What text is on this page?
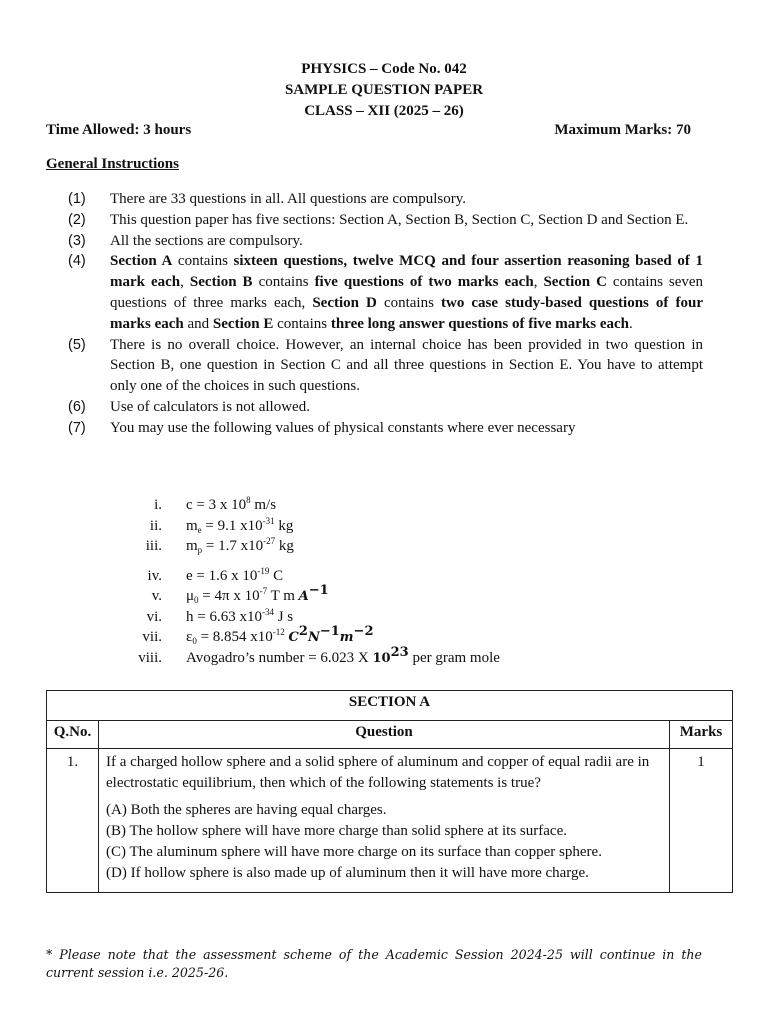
PHYSICS – Code No. 042
SAMPLE QUESTION PAPER
CLASS – XII (2025 – 26)
Time Allowed: 3 hours	Maximum Marks: 70
General Instructions
(1) There are 33 questions in all. All questions are compulsory.
(2) This question paper has five sections: Section A, Section B, Section C, Section D and Section E.
(3) All the sections are compulsory.
(4) Section A contains sixteen questions, twelve MCQ and four assertion reasoning based of 1 mark each, Section B contains five questions of two marks each, Section C contains seven questions of three marks each, Section D contains two case study-based questions of four marks each and Section E contains three long answer questions of five marks each.
(5) There is no overall choice. However, an internal choice has been provided in two question in Section B, one question in Section C and all three questions in Section E. You have to attempt only one of the choices in such questions.
(6) Use of calculators is not allowed.
(7) You may use the following values of physical constants where ever necessary
i. c = 3 x $10^8$ m/s
ii. $m_e = 9.1$ $x10^{-31}$ kg
iii. $m_p = 1.7$ $x10^{-27}$ kg
iv. e = 1.6 x $10^{-19}$ C
v. $\mu_0 = 4\pi$ x $10^{-7}$ T m $A^{-1}$
vi. h = 6.63 $x10^{-34}$ J s
vii. $\varepsilon_0 = 8.854$ $x10^{-12}$ $C^2N^{-1}m^{-2}$
viii. Avogadro’s number = 6.023 X $10^{23}$ per gram mole
SECTION A		
Q.No.	Question	Marks
1.	If a charged hollow sphere and a solid sphere of aluminum and copper of equal radii are in electrostatic equilibrium, then which of the following statements is true?
(A) Both the spheres are having equal charges.
(B) The hollow sphere will have more charge than solid sphere at its surface.
(C) The aluminum sphere will have more charge on its surface than copper sphere.
(D) If hollow sphere is also made up of aluminum then it will have more charge.	1
* Please note that the assessment scheme of the Academic Session 2024-25 will continue in the current session i.e. 2025-26.
